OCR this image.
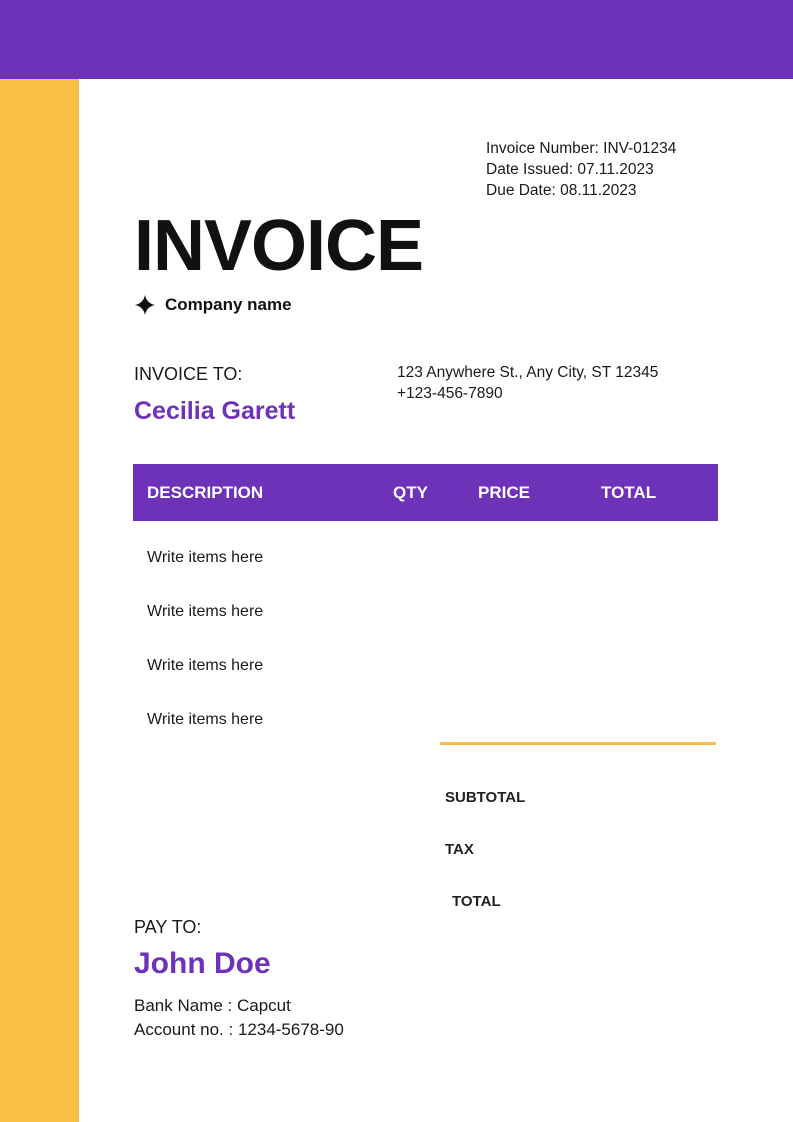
Invoice Number: INV-01234
Date Issued: 07.11.2023
Due Date: 08.11.2023
INVOICE
Company name
INVOICE TO:
Cecilia Garett
123 Anywhere St., Any City, ST 12345
+123-456-7890
DESCRIPTION	QTY	PRICE	TOTAL
Write items here
Write items here
Write items here
Write items here
SUBTOTAL
TAX
TOTAL
PAY TO:
John Doe
Bank Name : Capcut
Account no. : 1234-5678-90
